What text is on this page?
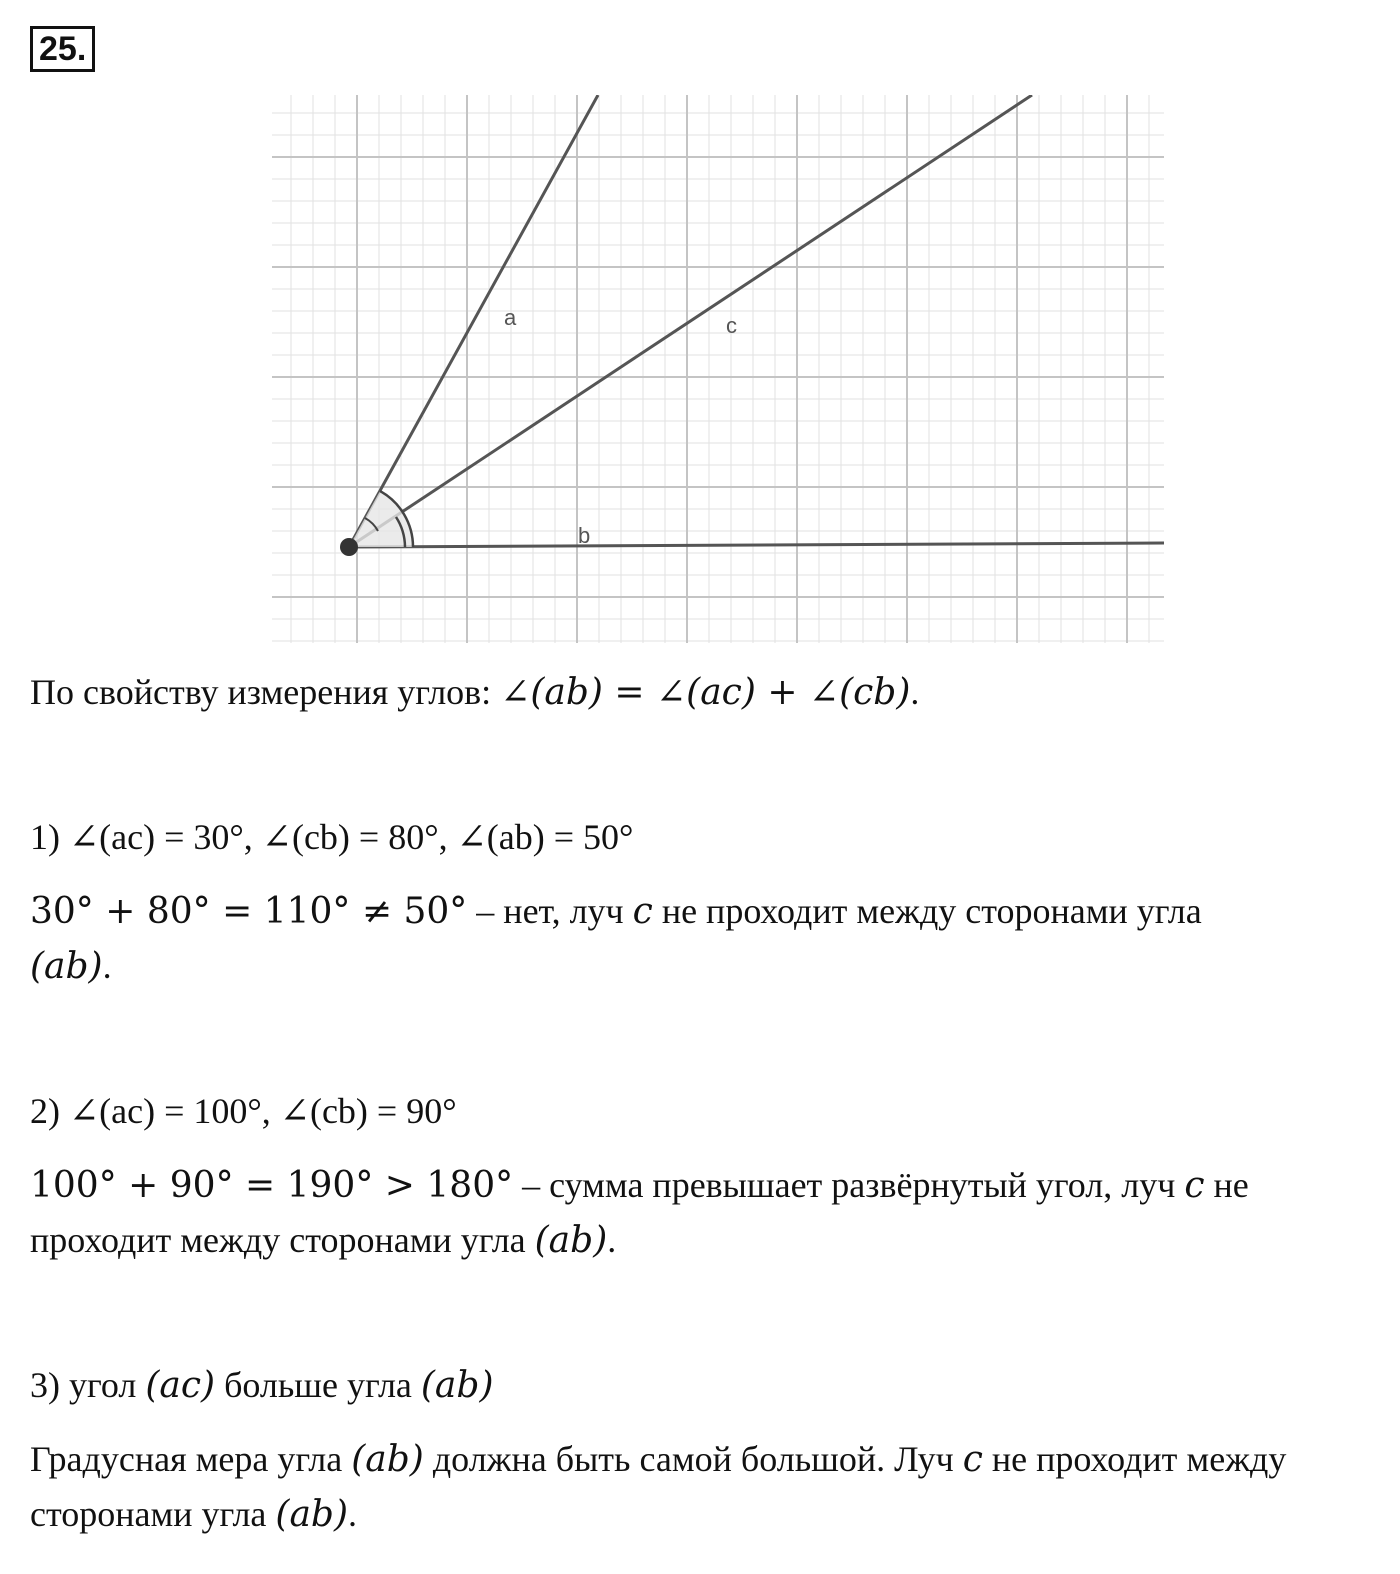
25.
a	c
b
По свойству измерения углов: ∠(ab) = ∠(ac) + ∠(cb).
1) ∠(ac) = 30°, ∠(cb) = 80°, ∠(ab) = 50°
30° + 80° = 110° ≠ 50° – нет, луч c не проходит между сторонами угла
(ab).
2) ∠(ac) = 100°, ∠(cb) = 90°
100° + 90° = 190° > 180° – сумма превышает развёрнутый угол, луч c не проходит между сторонами угла (ab).
3) угол (ac) больше угла (ab)
Градусная мера угла (ab) должна быть самой большой. Луч c не проходит между сторонами угла (ab).
